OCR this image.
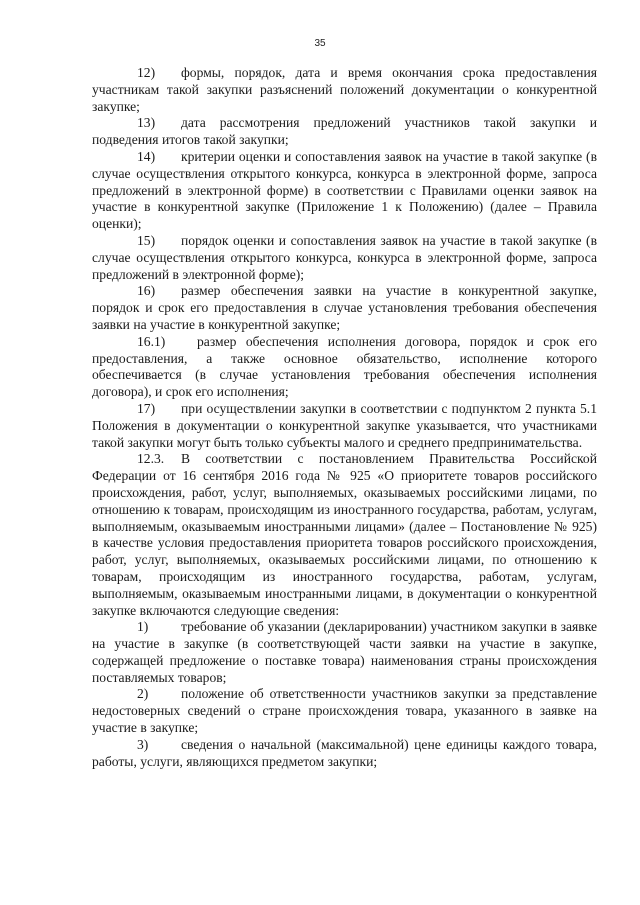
35

12) формы, порядок, дата и время окончания срока предоставления участникам такой закупки разъяснений положений документации о конкурентной закупке;

13) дата рассмотрения предложений участников такой закупки и подведения итогов такой закупки;

14) критерии оценки и сопоставления заявок на участие в такой закупке (в случае осуществления открытого конкурса, конкурса в электронной форме, запроса предложений в электронной форме) в соответствии с Правилами оценки заявок на участие в конкурентной закупке (Приложение 1 к Положению) (далее – Правила оценки);

15) порядок оценки и сопоставления заявок на участие в такой закупке (в случае осуществления открытого конкурса, конкурса в электронной форме, запроса предложений в электронной форме);

16) размер обеспечения заявки на участие в конкурентной закупке, порядок и срок его предоставления в случае установления требования обеспечения заявки на участие в конкурентной закупке;

16.1) размер обеспечения исполнения договора, порядок и срок его предоставления, а также основное обязательство, исполнение которого обеспечивается (в случае установления требования обеспечения исполнения договора), и срок его исполнения;

17) при осуществлении закупки в соответствии с подпунктом 2 пункта 5.1 Положения в документации о конкурентной закупке указывается, что участниками такой закупки могут быть только субъекты малого и среднего предпринимательства.

12.3. В соответствии с постановлением Правительства Российской Федерации от 16 сентября 2016 года № 925 «О приоритете товаров российского происхождения, работ, услуг, выполняемых, оказываемых российскими лицами, по отношению к товарам, происходящим из иностранного государства, работам, услугам, выполняемым, оказываемым иностранными лицами» (далее – Постановление № 925) в качестве условия предоставления приоритета товаров российского происхождения, работ, услуг, выполняемых, оказываемых российскими лицами, по отношению к товарам, происходящим из иностранного государства, работам, услугам, выполняемым, оказываемым иностранными лицами, в документации о конкурентной закупке включаются следующие сведения:

1) требование об указании (декларировании) участником закупки в заявке на участие в закупке (в соответствующей части заявки на участие в закупке, содержащей предложение о поставке товара) наименования страны происхождения поставляемых товаров;

2) положение об ответственности участников закупки за представление недостоверных сведений о стране происхождения товара, указанного в заявке на участие в закупке;

3) сведения о начальной (максимальной) цене единицы каждого товара, работы, услуги, являющихся предметом закупки;
